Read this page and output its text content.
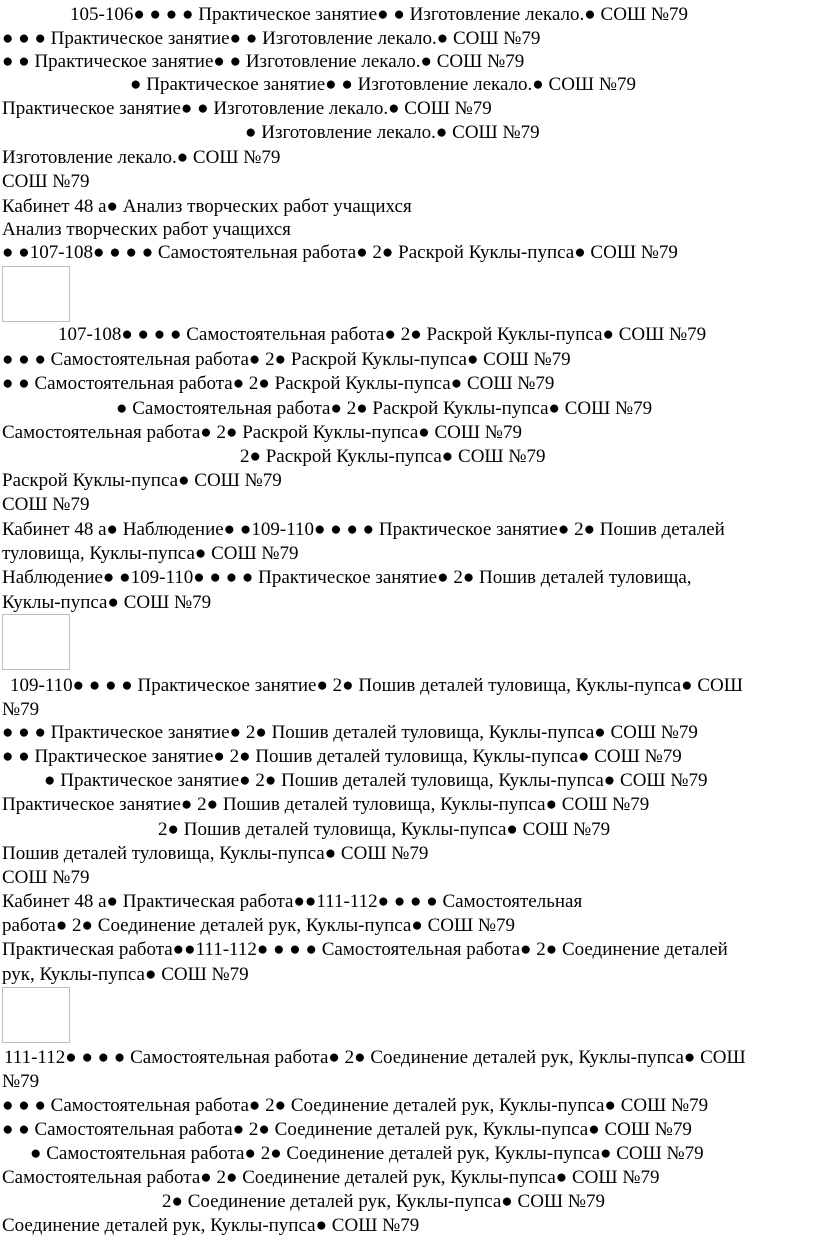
105-106● ● ● ● Практическое занятие● ● Изготовление лекало.● СОШ №79
● ● ● Практическое занятие● ● Изготовление лекало.● СОШ №79
● ● Практическое занятие● ● Изготовление лекало.● СОШ №79
● Практическое занятие● ● Изготовление лекало.● СОШ №79
Практическое занятие● ● Изготовление лекало.● СОШ №79
● Изготовление лекало.● СОШ №79
Изготовление лекало.● СОШ №79
СОШ №79
Кабинет 48 а● Анализ творческих работ учащихся
Анализ творческих работ учащихся
● ●107-108● ● ● ● Самостоятельная работа● 2● Раскрой Куклы-пупса● СОШ №79
107-108● ● ● ● Самостоятельная работа● 2● Раскрой Куклы-пупса● СОШ №79
● ● ● Самостоятельная работа● 2● Раскрой Куклы-пупса● СОШ №79
● ● Самостоятельная работа● 2● Раскрой Куклы-пупса● СОШ №79
● Самостоятельная работа● 2● Раскрой Куклы-пупса● СОШ №79
Самостоятельная работа● 2● Раскрой Куклы-пупса● СОШ №79
2● Раскрой Куклы-пупса● СОШ №79
Раскрой Куклы-пупса● СОШ №79
СОШ №79
Кабинет 48 а● Наблюдение● ●109-110● ● ● ● Практическое занятие● 2● Пошив деталей
туловища, Куклы-пупса● СОШ №79
Наблюдение● ●109-110● ● ● ● Практическое занятие● 2● Пошив деталей туловища,
Куклы-пупса● СОШ №79
109-110● ● ● ● Практическое занятие● 2● Пошив деталей туловища, Куклы-пупса● СОШ
№79
● ● ● Практическое занятие● 2● Пошив деталей туловища, Куклы-пупса● СОШ №79
● ● Практическое занятие● 2● Пошив деталей туловища, Куклы-пупса● СОШ №79
● Практическое занятие● 2● Пошив деталей туловища, Куклы-пупса● СОШ №79
Практическое занятие● 2● Пошив деталей туловища, Куклы-пупса● СОШ №79
2● Пошив деталей туловища, Куклы-пупса● СОШ №79
Пошив деталей туловища, Куклы-пупса● СОШ №79
СОШ №79
Кабинет 48 а● Практическая работа●●111-112● ● ● ● Самостоятельная
работа● 2● Соединение деталей рук, Куклы-пупса● СОШ №79
Практическая работа●●111-112● ● ● ● Самостоятельная работа● 2● Соединение деталей
рук, Куклы-пупса● СОШ №79
111-112● ● ● ● Самостоятельная работа● 2● Соединение деталей рук, Куклы-пупса● СОШ
№79
● ● ● Самостоятельная работа● 2● Соединение деталей рук, Куклы-пупса● СОШ №79
● ● Самостоятельная работа● 2● Соединение деталей рук, Куклы-пупса● СОШ №79
● Самостоятельная работа● 2● Соединение деталей рук, Куклы-пупса● СОШ №79
Самостоятельная работа● 2● Соединение деталей рук, Куклы-пупса● СОШ №79
2● Соединение деталей рук, Куклы-пупса● СОШ №79
Соединение деталей рук, Куклы-пупса● СОШ №79
